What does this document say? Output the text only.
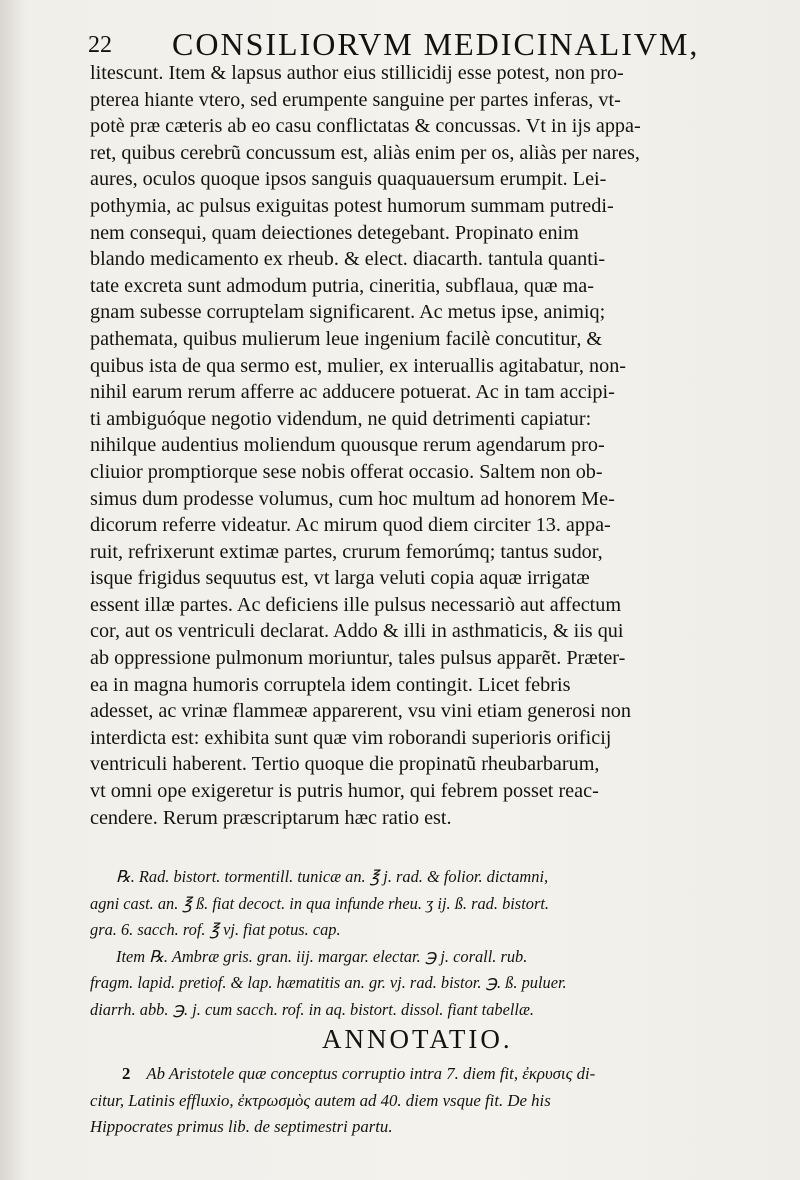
22 CONSILIORVM MEDICINALIVM,
litescunt. Item & lapsus author eius stillicidij esse potest, non pro-
pterea hiante vtero, sed erumpente sanguine per partes inferas, vt-
potè præ cæteris ab eo casu conflictatas & concussas. Vt in ijs appa-
ret, quibus cerebrũ concussum est, aliàs enim per os, aliàs per nares,
aures, oculos quoque ipsos sanguis quaquauersum erumpit. Lei-
pothymia, ac pulsus exiguitas potest humorum summam putredi-
nem consequi, quam deiectiones detegebant. Propinato enim
blando medicamento ex rheub. & elect. diacarth. tantula quanti-
tate excreta sunt admodum putria, cineritia, subflaua, quæ ma-
gnam subesse corruptelam significarent. Ac metus ipse, animiq;
pathemata, quibus mulierum leue ingenium facilè concutitur, &
quibus ista de qua sermo est, mulier, ex interuallis agitabatur, non-
nihil earum rerum afferre ac adducere potuerat. Ac in tam accipi-
ti ambiguóque negotio videndum, ne quid detrimenti capiatur:
nihilque audentius moliendum quousque rerum agendarum pro-
cliuior promptiorque sese nobis offerat occasio. Saltem non ob-
simus dum prodesse volumus, cum hoc multum ad honorem Me-
dicorum referre videatur. Ac mirum quod diem circiter 13. appa-
ruit, refrixerunt extimæ partes, crurum femorúmq; tantus sudor,
isque frigidus sequutus est, vt larga veluti copia aquæ irrigatæ
essent illæ partes. Ac deficiens ille pulsus necessariò aut affectum
cor, aut os ventriculi declarat. Addo & illi in asthmaticis, & iis qui
ab oppressione pulmonum moriuntur, tales pulsus apparẽt. Præter-
ea in magna humoris corruptela idem contingit. Licet febris
adesset, ac vrinæ flammeæ apparerent, vsu vini etiam generosi non
interdicta est: exhibita sunt quæ vim roborandi superioris orificij
ventriculi haberent. Tertio quoque die propinatũ rheubarbarum,
vt omni ope exigeretur is putris humor, qui febrem posset reac-
cendere. Rerum præscriptarum hæc ratio est.
℞. Rad. bistort. tormentill. tunicæ an. ℥ j. rad. & folior. dictamni,
agni cast. an. ℥ ß. fiat decoct. in qua infunde rheu. ʒ ij. ß. rad. bistort.
gra. 6. sacch. rof. ℥ vj. fiat potus. cap.
Item ℞. Ambræ gris. gran. iij. margar. electar. ℈ j. corall. rub.
fragm. lapid. pretiof. & lap. hæmatitis an. gr. vj. rad. bistor. ℈. ß. puluer.
diarrh. abb. ℈. j. cum sacch. rof. in aq. bistort. dissol. fiant tabellæ.
ANNOTATIO.
2 Ab Aristotele quæ conceptus corruptio intra 7. diem fit, ἐκρυσις di-
citur, Latinis effluxio, ἐκτρωσμὸς autem ad 40. diem vsque fit. De his
Hippocrates primus lib. de septimestri partu.
